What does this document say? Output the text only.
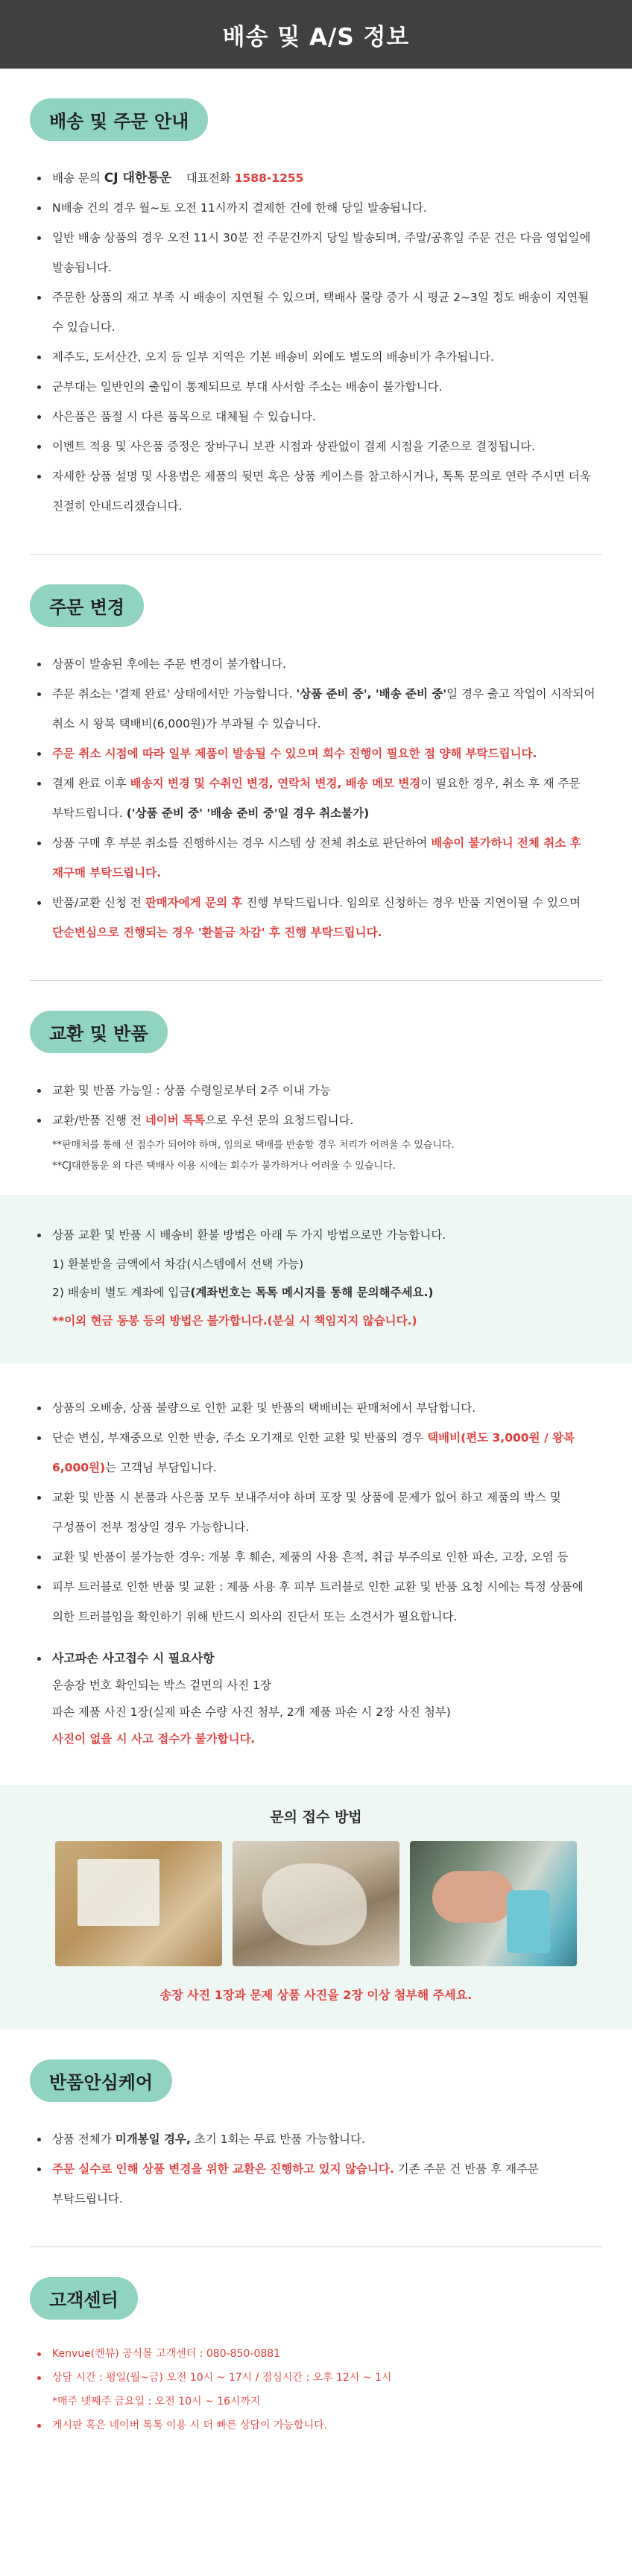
배송 및 A/S 정보
배송 및 주문 안내
배송 문의 CJ 대한통운 대표전화 1588-1255
N배송 건의 경우 월~토 오전 11시까지 결제한 건에 한해 당일 발송됩니다.
일반 배송 상품의 경우 오전 11시 30분 전 주문건까지 당일 발송되며, 주말/공휴일 주문 건은 다음 영업일에 발송됩니다.
주문한 상품의 재고 부족 시 배송이 지연될 수 있으며, 택배사 물량 증가 시 평균 2~3일 정도 배송이 지연될 수 있습니다.
제주도, 도서산간, 오지 등 일부 지역은 기본 배송비 외에도 별도의 배송비가 추가됩니다.
군부대는 일반인의 출입이 통제되므로 부대 사서함 주소는 배송이 불가합니다.
사은품은 품절 시 다른 품목으로 대체될 수 있습니다.
이벤트 적용 및 사은품 증정은 장바구니 보관 시점과 상관없이 결제 시점을 기준으로 결정됩니다.
자세한 상품 설명 및 사용법은 제품의 뒷면 혹은 상품 케이스를 참고하시거나, 톡톡 문의로 연락 주시면 더욱 친절히 안내드리겠습니다.
주문 변경
상품이 발송된 후에는 주문 변경이 불가합니다.
주문 취소는 '결제 완료' 상태에서만 가능합니다. '상품 준비 중', '배송 준비 중'일 경우 출고 작업이 시작되어 취소 시 왕복 택배비(6,000원)가 부과될 수 있습니다.
주문 취소 시점에 따라 일부 제품이 발송될 수 있으며 회수 진행이 필요한 점 양해 부탁드립니다.
결제 완료 이후 배송지 변경 및 수취인 변경, 연락처 변경, 배송 메모 변경이 필요한 경우, 취소 후 재 주문 부탁드립니다. ('상품 준비 중' '배송 준비 중'일 경우 취소불가)
상품 구매 후 부분 취소를 진행하시는 경우 시스템 상 전체 취소로 판단하여 배송이 불가하니 전체 취소 후 재구매 부탁드립니다.
반품/교환 신청 전 판매자에게 문의 후 진행 부탁드립니다. 임의로 신청하는 경우 반품 지연이될 수 있으며 단순변심으로 진행되는 경우 '환불금 차감' 후 진행 부탁드립니다.
교환 및 반품
교환 및 반품 가능일 : 상품 수령일로부터 2주 이내 가능
교환/반품 진행 전 네이버 톡톡으로 우선 문의 요청드립니다.
**판매처를 통해 선 접수가 되어야 하며, 임의로 택배를 반송할 경우 처리가 어려울 수 있습니다.
**CJ대한통운 외 다른 택배사 이용 시에는 회수가 불가하거나 어려울 수 있습니다.
상품 교환 및 반품 시 배송비 환불 방법은 아래 두 가지 방법으로만 가능합니다.
1) 환불받을 금액에서 차감(시스템에서 선택 가능)
2) 배송비 별도 계좌에 입금(계좌번호는 톡톡 메시지를 통해 문의해주세요.)
**이외 현금 동봉 등의 방법은 불가합니다.(분실 시 책임지지 않습니다.)
상품의 오배송, 상품 불량으로 인한 교환 및 반품의 택배비는 판매처에서 부담합니다.
단순 변심, 부재중으로 인한 반송, 주소 오기재로 인한 교환 및 반품의 경우 택배비(편도 3,000원 / 왕복 6,000원)는 고객님 부담입니다.
교환 및 반품 시 본품과 사은품 모두 보내주셔야 하며 포장 및 상품에 문제가 없어 하고 제품의 박스 및 구성품이 전부 정상일 경우 가능합니다.
교환 및 반품이 불가능한 경우: 개봉 후 훼손, 제품의 사용 흔적, 취급 부주의로 인한 파손, 고장, 오염 등
피부 트러블로 인한 반품 및 교환 : 제품 사용 후 피부 트러블로 인한 교환 및 반품 요청 시에는 특정 상품에 의한 트러블임을 확인하기 위해 반드시 의사의 진단서 또는 소견서가 필요합니다.
사고파손 사고접수 시 필요사항
운송장 번호 확인되는 박스 겉면의 사진 1장
파손 제품 사진 1장(실제 파손 수량 사진 첨부, 2개 제품 파손 시 2장 사진 첨부)
사진이 없을 시 사고 접수가 불가합니다.
문의 접수 방법
송장 사진 1장과 문제 상품 사진을 2장 이상 첨부해 주세요.
반품안심케어
상품 전체가 미개봉일 경우, 초기 1회는 무료 반품 가능합니다.
주문 실수로 인해 상품 변경을 위한 교환은 진행하고 있지 않습니다. 기존 주문 건 반품 후 재주문 부탁드립니다.
고객센터
Kenvue(켄뷰) 공식몰 고객센터 : 080-850-0881
상담 시간 : 평일(월~금) 오전 10시 ~ 17시 / 점심시간 : 오후 12시 ~ 1시
*매주 넷째주 금요일 : 오전 10시 ~ 16시까지
게시판 혹은 네이버 톡톡 이용 시 더 빠른 상담이 가능합니다.
